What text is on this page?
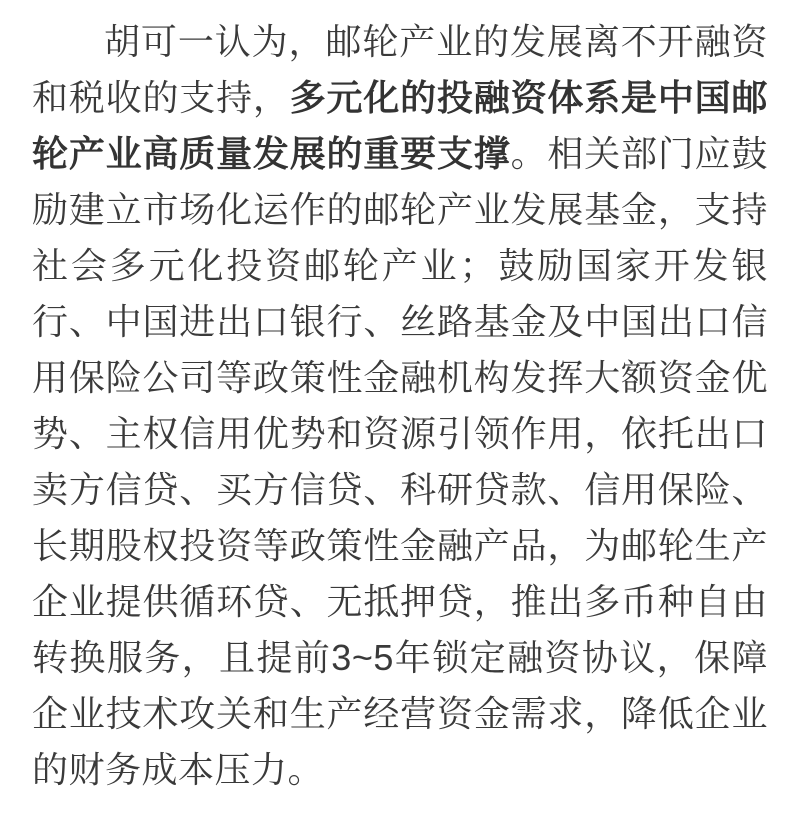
胡可一认为，邮轮产业的发展离不开融资和税收的支持，多元化的投融资体系是中国邮轮产业高质量发展的重要支撑。相关部门应鼓励建立市场化运作的邮轮产业发展基金，支持社会多元化投资邮轮产业；鼓励国家开发银行、中国进出口银行、丝路基金及中国出口信用保险公司等政策性金融机构发挥大额资金优势、主权信用优势和资源引领作用，依托出口卖方信贷、买方信贷、科研贷款、信用保险、长期股权投资等政策性金融产品，为邮轮生产企业提供循环贷、无抵押贷，推出多币种自由转换服务，且提前3~5年锁定融资协议，保障企业技术攻关和生产经营资金需求，降低企业的财务成本压力。
